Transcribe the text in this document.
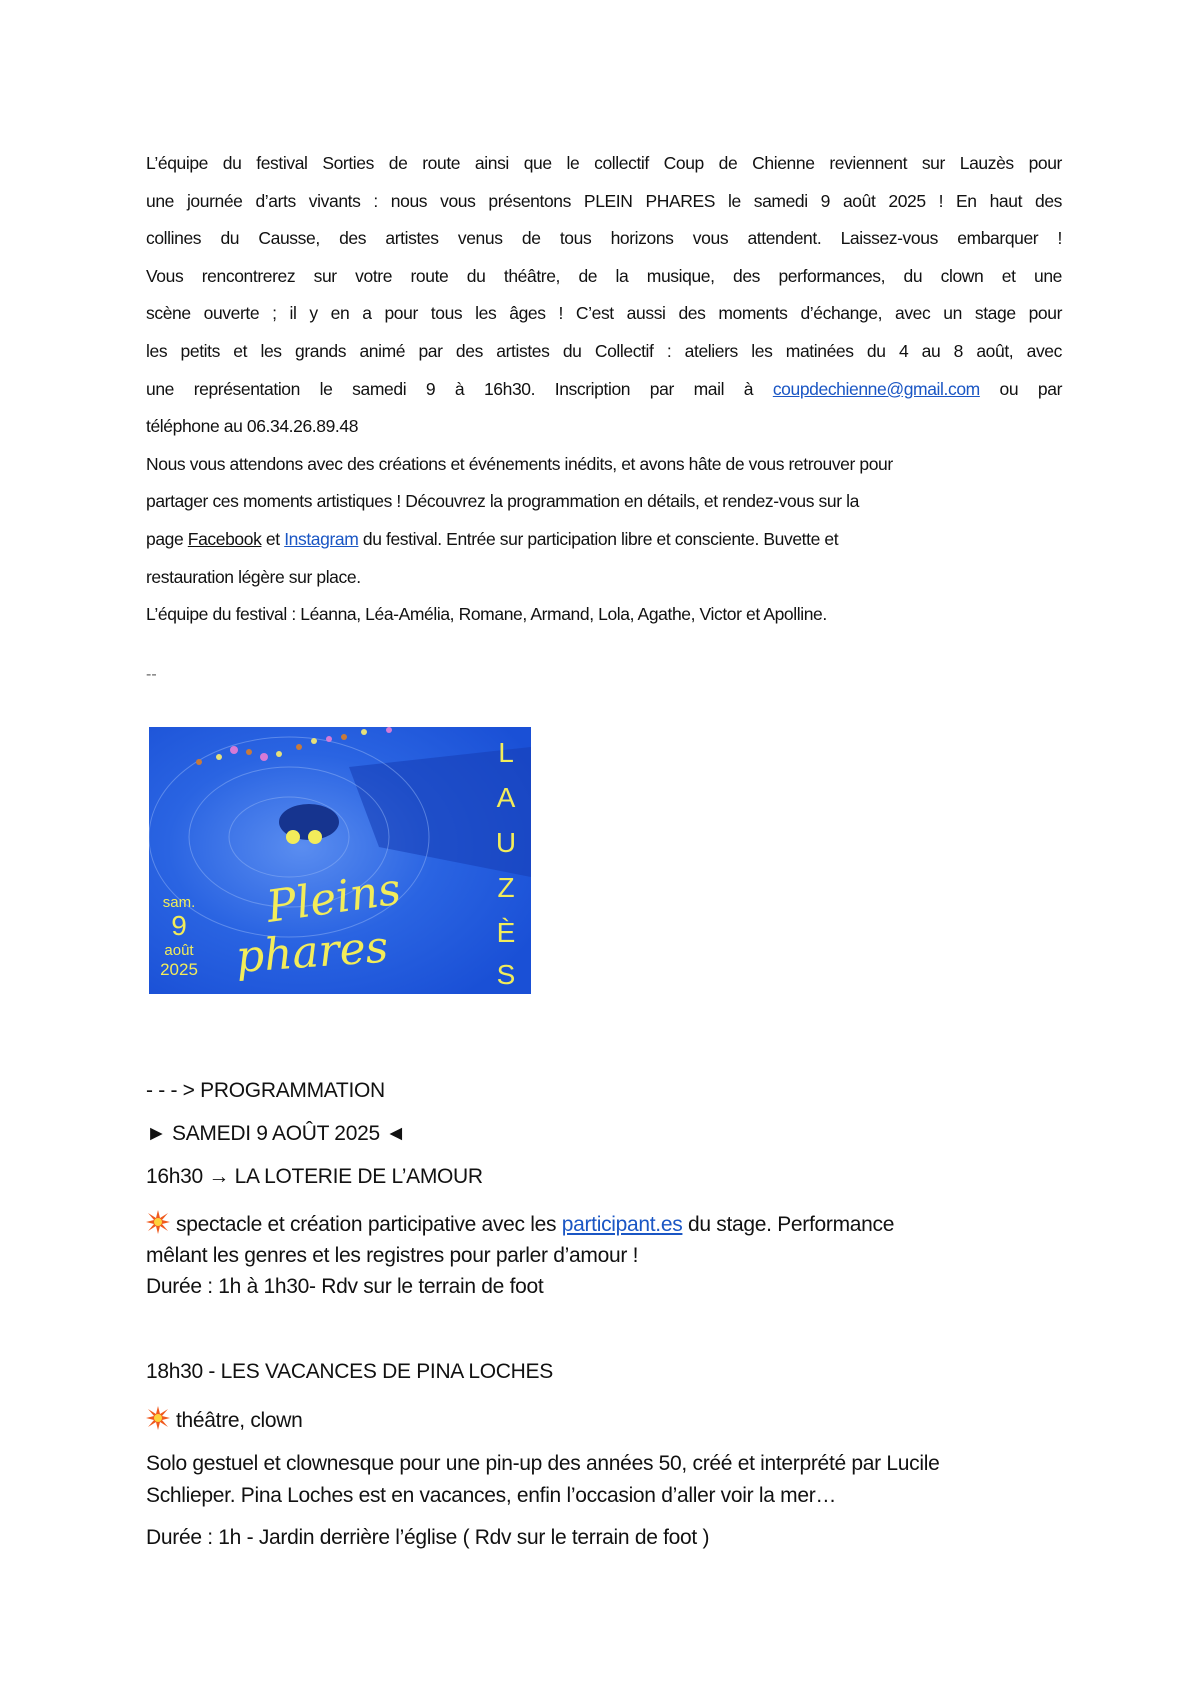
L’équipe du festival Sorties de route ainsi que le collectif Coup de Chienne reviennent sur Lauzès pour
une journée d’arts vivants : nous vous présentons PLEIN PHARES le samedi 9 août 2025 ! En haut des
collines du Causse, des artistes venus de tous horizons vous attendent. Laissez-vous embarquer !
Vous rencontrerez sur votre route du théâtre, de la musique, des performances, du clown et une
scène ouverte ; il y en a pour tous les âges ! C’est aussi des moments d’échange, avec un stage pour
les petits et les grands animé par des artistes du Collectif : ateliers les matinées du 4 au 8 août, avec
une représentation le samedi 9 à 16h30. Inscription par mail à coupdechienne@gmail.com ou par
téléphone au 06.34.26.89.48
Nous vous attendons avec des créations et événements inédits, et avons hâte de vous retrouver pour
partager ces moments artistiques ! Découvrez la programmation en détails, et rendez-vous sur la
page Facebook et Instagram du festival. Entrée sur participation libre et consciente. Buvette et
restauration légère sur place.
L’équipe du festival : Léanna, Léa-Amélia, Romane, Armand, Lola, Agathe, Victor et Apolline.
--
Pleins
phares
sam.
9
août
2025
L
A
U
Z
È
S
- - - > PROGRAMMATION
► SAMEDI 9 AOÛT 2025 ◄
16h30 → LA LOTERIE DE L’AMOUR
spectacle et création participative avec les participant.es du stage. Performance
mêlant les genres et les registres pour parler d’amour !
Durée : 1h à 1h30- Rdv sur le terrain de foot
18h30 - LES VACANCES DE PINA LOCHES
théâtre, clown
Solo gestuel et clownesque pour une pin-up des années 50, créé et interprété par Lucile
Schlieper. Pina Loches est en vacances, enfin l’occasion d’aller voir la mer…
Durée : 1h - Jardin derrière l’église ( Rdv sur le terrain de foot )
